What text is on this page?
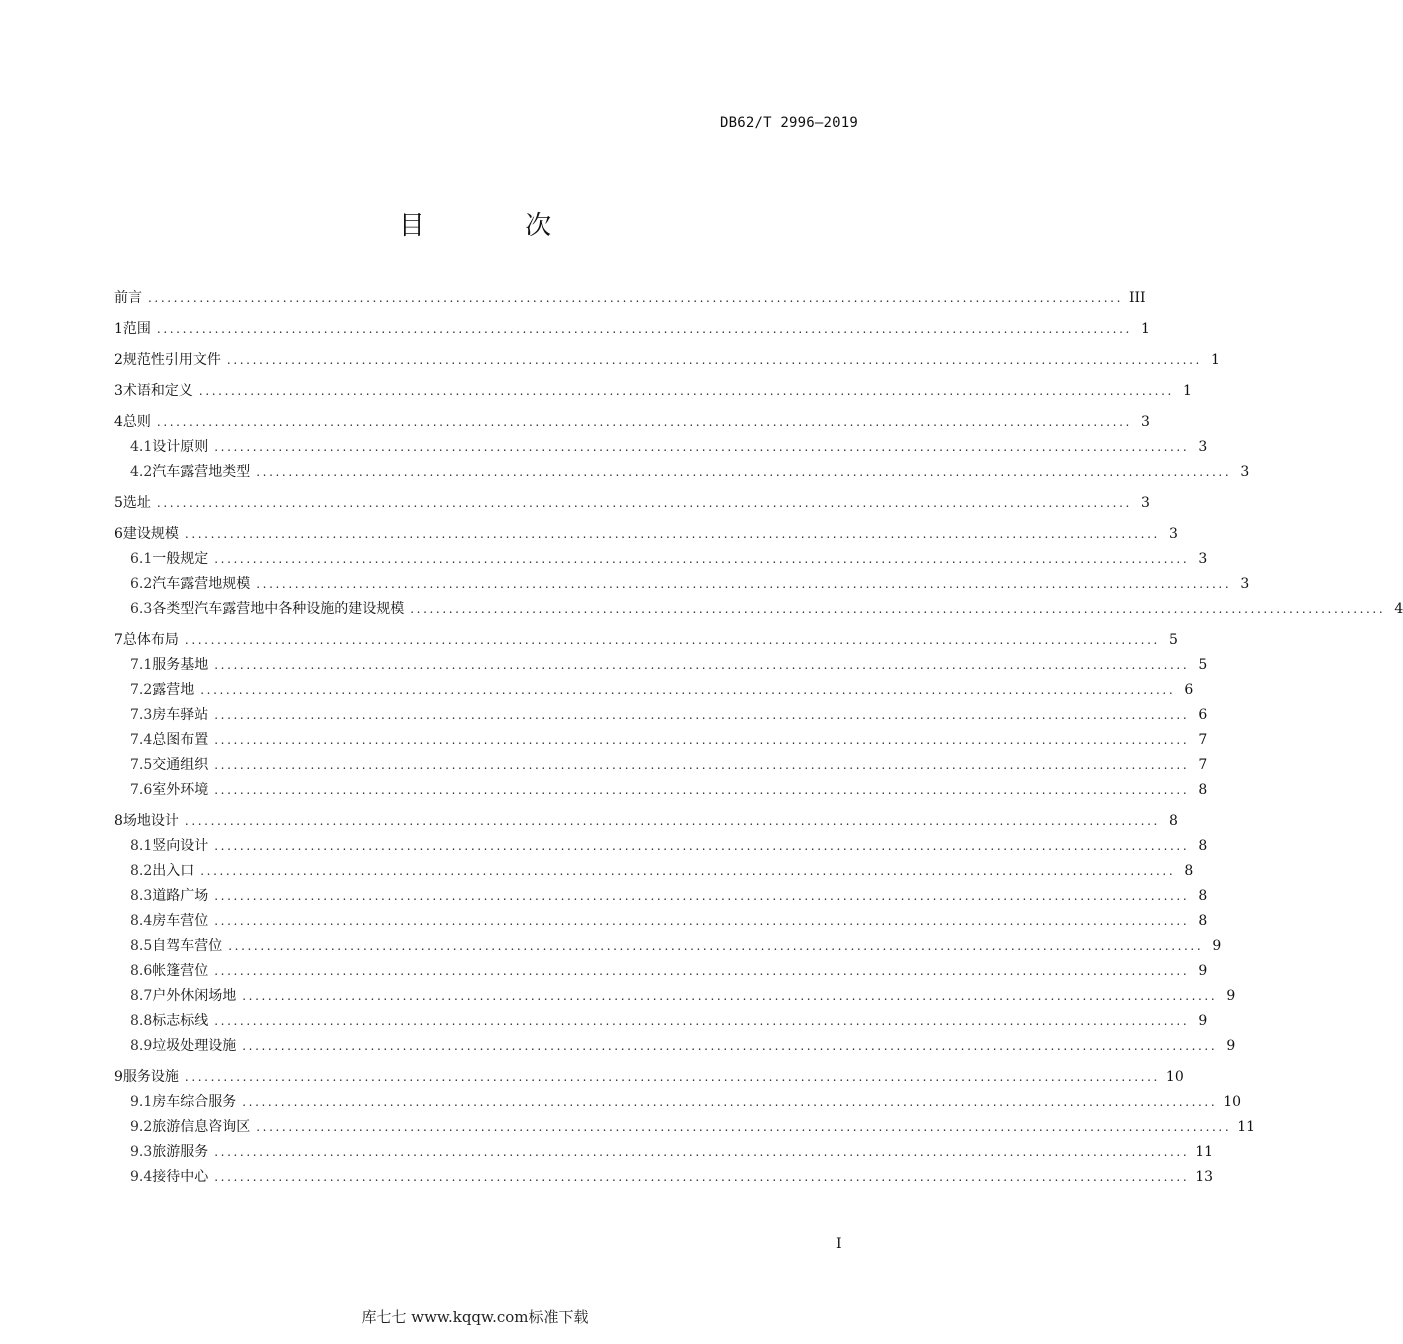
DB62/T 2996—2019
目 次
前言 ........................................................................................................................................................ III
1 范围 ........................................................................................................................................................ 1
2 规范性引用文件 ........................................................................................................................................................ 1
3 术语和定义 ........................................................................................................................................................ 1
4 总则 ........................................................................................................................................................ 3
4.1 设计原则 ........................................................................................................................................................ 3
4.2 汽车露营地类型 ........................................................................................................................................................ 3
5 选址 ........................................................................................................................................................ 3
6 建设规模 ........................................................................................................................................................ 3
6.1 一般规定 ........................................................................................................................................................ 3
6.2 汽车露营地规模 ........................................................................................................................................................ 3
6.3 各类型汽车露营地中各种设施的建设规模 ........................................................................................................................................................ 4
7 总体布局 ........................................................................................................................................................ 5
7.1 服务基地 ........................................................................................................................................................ 5
7.2 露营地 ........................................................................................................................................................ 6
7.3 房车驿站 ........................................................................................................................................................ 6
7.4 总图布置 ........................................................................................................................................................ 7
7.5 交通组织 ........................................................................................................................................................ 7
7.6 室外环境 ........................................................................................................................................................ 8
8 场地设计 ........................................................................................................................................................ 8
8.1 竖向设计 ........................................................................................................................................................ 8
8.2 出入口 ........................................................................................................................................................ 8
8.3 道路广场 ........................................................................................................................................................ 8
8.4 房车营位 ........................................................................................................................................................ 8
8.5 自驾车营位 ........................................................................................................................................................ 9
8.6 帐篷营位 ........................................................................................................................................................ 9
8.7 户外休闲场地 ........................................................................................................................................................ 9
8.8 标志标线 ........................................................................................................................................................ 9
8.9 垃圾处理设施 ........................................................................................................................................................ 9
9 服务设施 ........................................................................................................................................................ 10
9.1 房车综合服务 ........................................................................................................................................................ 10
9.2 旅游信息咨询区 ........................................................................................................................................................ 11
9.3 旅游服务 ........................................................................................................................................................ 11
9.4 接待中心 ........................................................................................................................................................ 13
I
库七七 www.kqqw.com标准下载
